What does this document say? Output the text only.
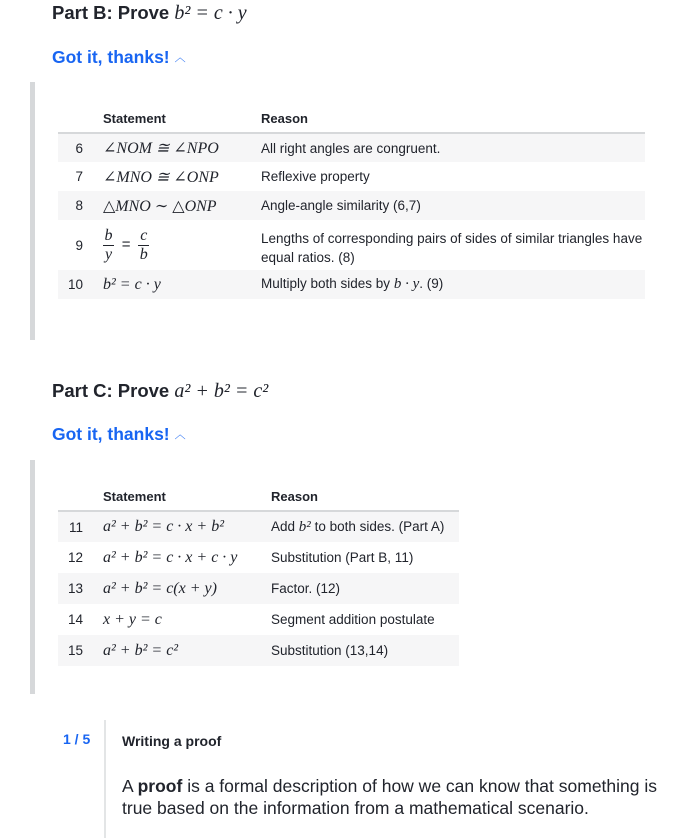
Part B: Prove b² = c · y
Got it, thanks! ︿
	Statement	Reason
6	∠NOM ≅ ∠NPO	All right angles are congruent.
7	∠MNO ≅ ∠ONP	Reflexive property
8	△MNO ∼ △ONP	Angle-angle similarity (6,7)
9	$\frac{b}{y} = \frac{c}{b}$	Lengths of corresponding pairs of sides of similar triangles have equal ratios. (8)
10	b² = c · y	Multiply both sides by b · y. (9)
Part C: Prove a² + b² = c²
Got it, thanks! ︿
	Statement	Reason
11	a² + b² = c · x + b²	Add b² to both sides. (Part A)
12	a² + b² = c · x + c · y	Substitution (Part B, 11)
13	a² + b² = c(x + y)	Factor. (12)
14	x + y = c	Segment addition postulate
15	a² + b² = c²	Substitution (13,14)
1 / 5 Writing a proof

A proof is a formal description of how we can know that something is true based on the information from a mathematical scenario.
